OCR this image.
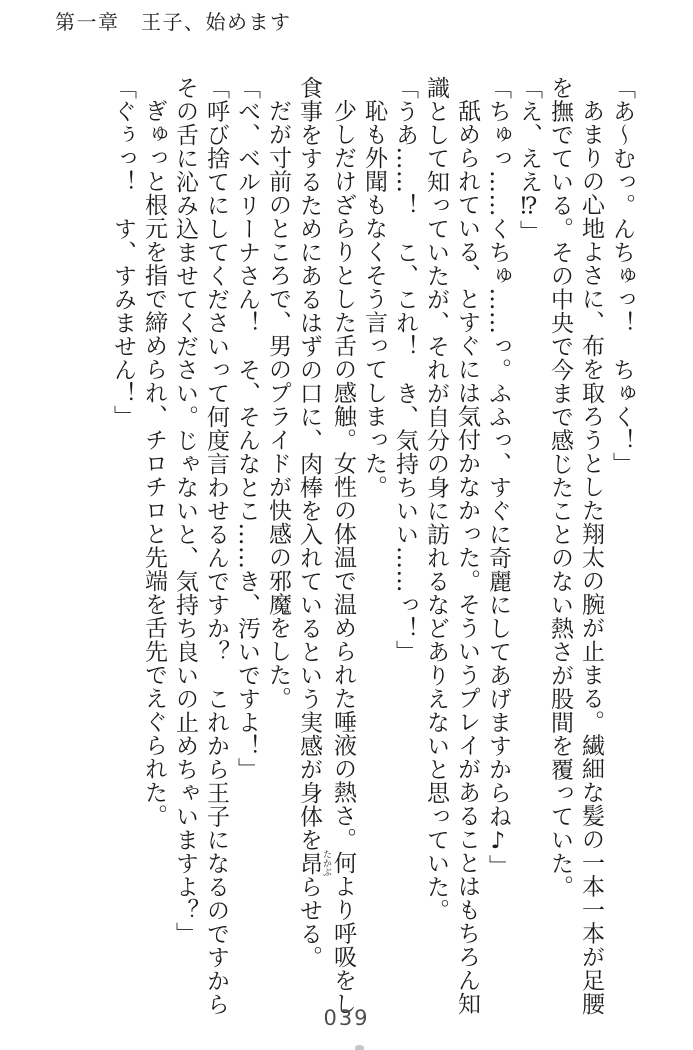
第一章　王子、始めます

「あ～むっ。んちゅっ！　ちゅく！」

あまりの心地よさに、布を取ろうとした翔太の腕が止まる。繊細な髪の一本一本が足腰を撫でている。その中央で今まで感じたことのない熱さが股間を覆っていた。

「え、ええ⁉」

「ちゅっ……くちゅ……っ。ふふっ、すぐに奇麗にしてあげますからね♪」

舐められている、とすぐには気付かなかった。そういうプレイがあることはもちろん知識として知っていたが、それが自分の身に訪れるなどありえないと思っていた。

「うあ……！　こ、これ！　き、気持ちいい……っ！」

恥も外聞もなくそう言ってしまった。

少しだけざらりとした舌の感触。女性の体温で温められた唾液の熱さ。何より呼吸をし食事をするためにあるはずの口に、肉棒を入れているという実感が身体を昂 たかぶらせる。

だが寸前のところで、男のプライドが快感の邪魔をした。

「べ、ベルリーナさん！　そ、そんなとこ……き、汚いですよ！」

「呼び捨てにしてくださいって何度言わせるんですか？　これから王子になるのですからその舌に沁み込ませてください。じゃないと、気持ち良いの止めちゃいますよ？」

ぎゅっと根元を指で締められ、チロチロと先端を舌先でえぐられた。

「ぐぅっ！　す、すみません！」

039
